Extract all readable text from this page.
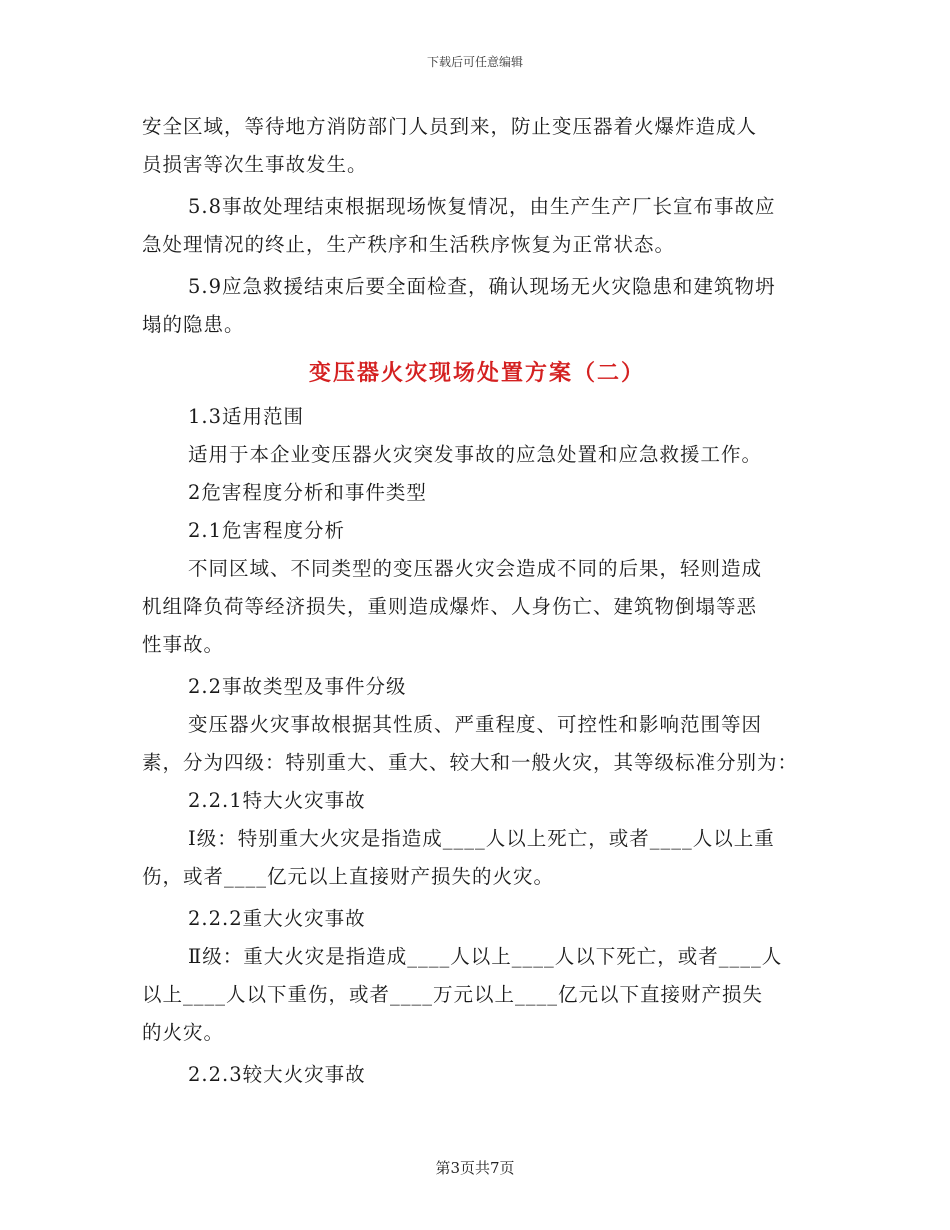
下载后可任意编辑
安全区域，等待地方消防部门人员到来，防止变压器着火爆炸造成人
员损害等次生事故发生。
5.8事故处理结束根据现场恢复情况，由生产生产厂长宣布事故应
急处理情况的终止，生产秩序和生活秩序恢复为正常状态。
5.9应急救援结束后要全面检查，确认现场无火灾隐患和建筑物坍
塌的隐患。
变压器火灾现场处置方案（二）
1.3适用范围
适用于本企业变压器火灾突发事故的应急处置和应急救援工作。
2危害程度分析和事件类型
2.1危害程度分析
不同区域、不同类型的变压器火灾会造成不同的后果，轻则造成
机组降负荷等经济损失，重则造成爆炸、人身伤亡、建筑物倒塌等恶
性事故。
2.2事故类型及事件分级
变压器火灾事故根据其性质、严重程度、可控性和影响范围等因
素，分为四级：特别重大、重大、较大和一般火灾，其等级标准分别为：
2.2.1特大火灾事故
Ⅰ级：特别重大火灾是指造成____人以上死亡，或者____人以上重
伤，或者____亿元以上直接财产损失的火灾。
2.2.2重大火灾事故
Ⅱ级：重大火灾是指造成____人以上____人以下死亡，或者____人
以上____人以下重伤，或者____万元以上____亿元以下直接财产损失
的火灾。
2.2.3较大火灾事故
第3页共7页
